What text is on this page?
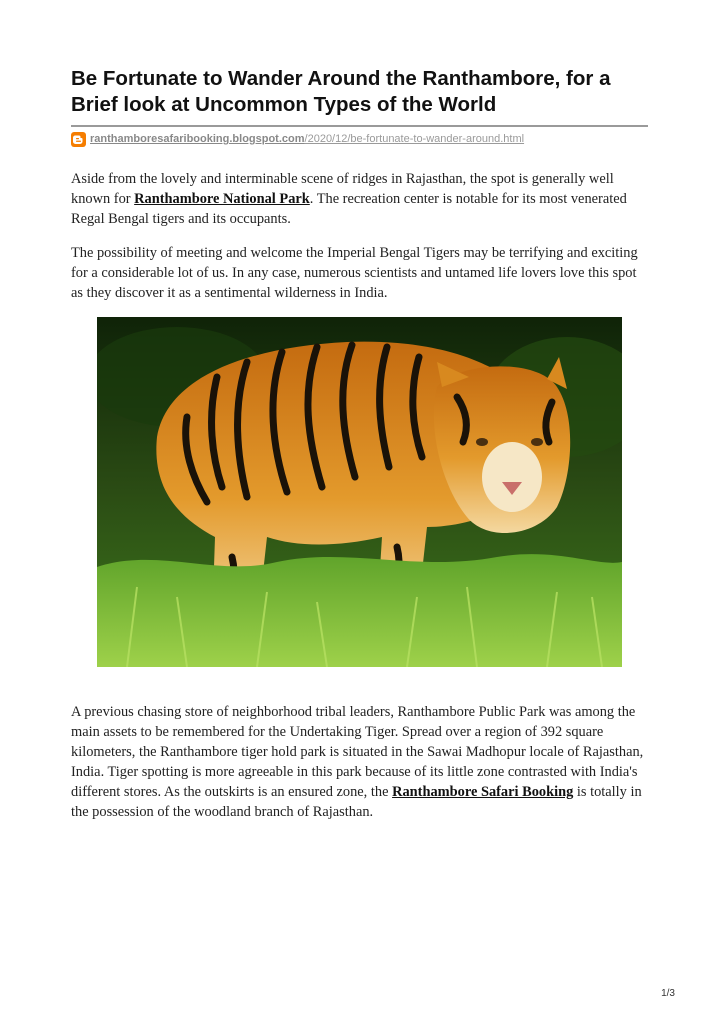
Be Fortunate to Wander Around the Ranthambore, for a Brief look at Uncommon Types of the World
ranthamboresafaribooking.blogspot.com /2020/12/be-fortunate-to-wander-around.html

Aside from the lovely and interminable scene of ridges in Rajasthan, the spot is generally well known for Ranthambore National Park. The recreation center is notable for its most venerated Regal Bengal tigers and its occupants.

The possibility of meeting and welcome the Imperial Bengal Tigers may be terrifying and exciting for a considerable lot of us. In any case, numerous scientists and untamed life lovers love this spot as they discover it as a sentimental wilderness in India.

A previous chasing store of neighborhood tribal leaders, Ranthambore Public Park was among the main assets to be remembered for the Undertaking Tiger. Spread over a region of 392 square kilometers, the Ranthambore tiger hold park is situated in the Sawai Madhopur locale of Rajasthan, India. Tiger spotting is more agreeable in this park because of its little zone contrasted with India's different stores. As the outskirts is an ensured zone, the Ranthambore Safari Booking is totally in the possession of the woodland branch of Rajasthan.

1/3
